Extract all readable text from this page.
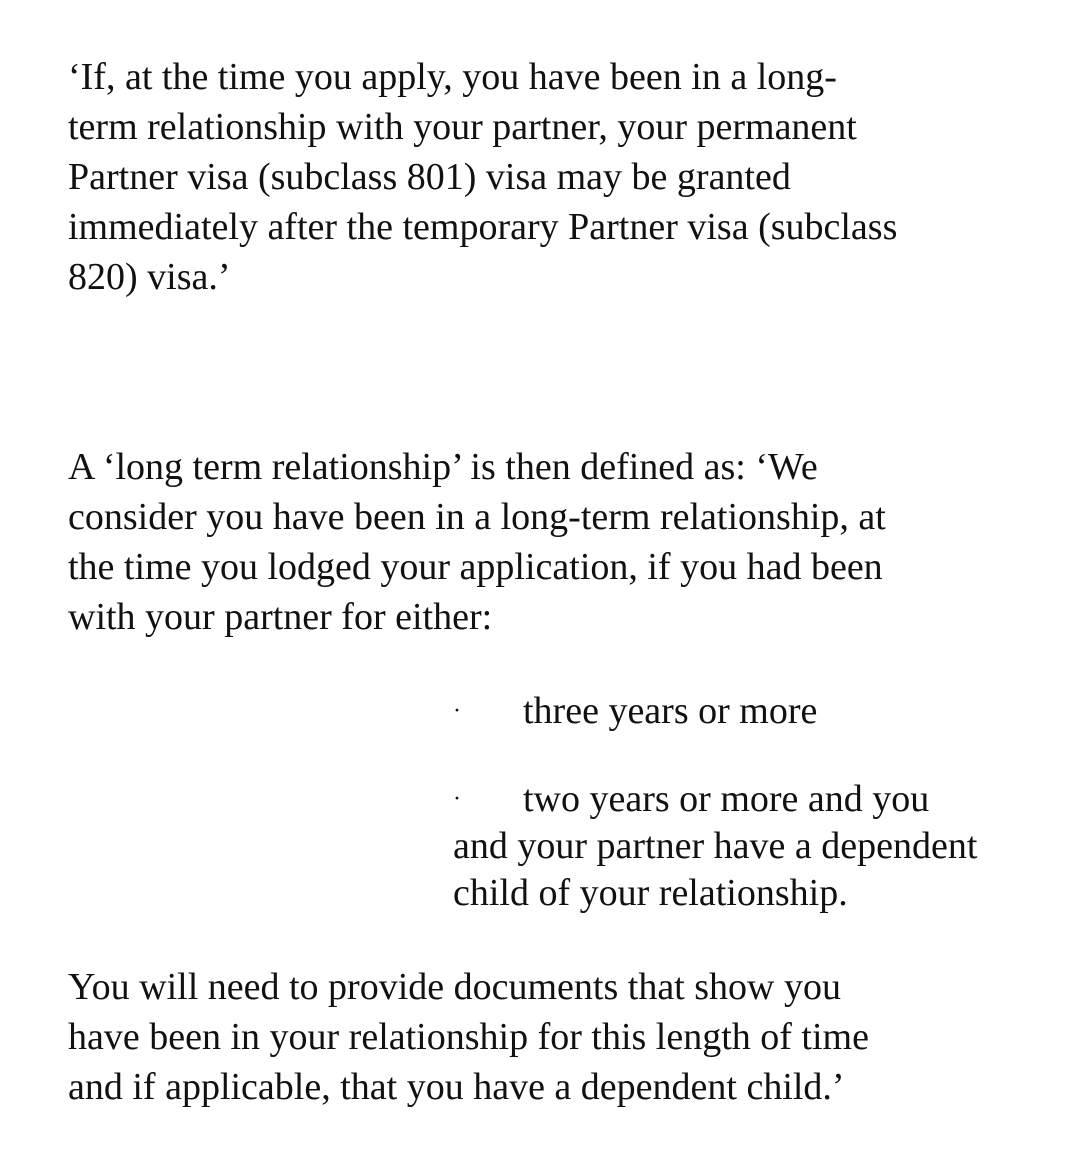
‘If, at the time you apply, you have been in a long-
term relationship with your partner, your permanent
Partner visa (subclass 801) visa may be granted
immediately after the temporary Partner visa (subclass
820) visa.’

A ‘long term relationship’ is then defined as: ‘We
consider you have been in a long-term relationship, at
the time you lodged your application, if you had been
with your partner for either:

· three years or more
· two years or more and you
and your partner have a dependent
child of your relationship.

You will need to provide documents that show you
have been in your relationship for this length of time
and if applicable, that you have a dependent child.’
